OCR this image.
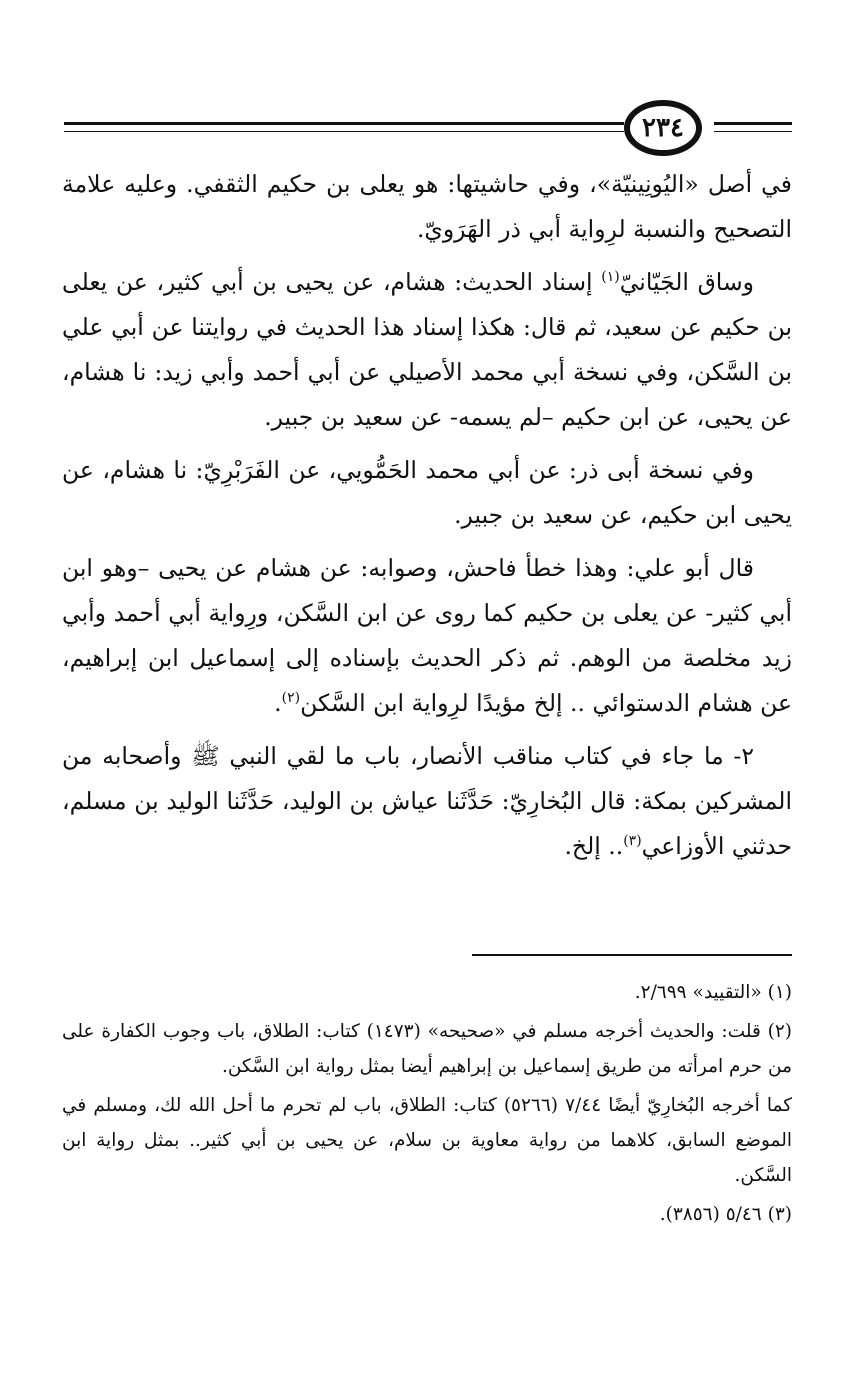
٢٣٤

في أصل «اليُونِينيّة»، وفي حاشيتها: هو يعلى بن حكيم الثقفي. وعليه علامة التصحيح والنسبة لرِواية أبي ذر الهَرَويّ.

وساق الجَيّانيّ$^{(١)}$ إسناد الحديث: هشام، عن يحيى بن أبي كثير، عن يعلى بن حكيم عن سعيد، ثم قال: هكذا إسناد هذا الحديث في روايتنا عن أبي علي بن السَّكن، وفي نسخة أبي محمد الأصيلي عن أبي أحمد وأبي زيد: نا هشام، عن يحيى، عن ابن حكيم –لم يسمه- عن سعيد بن جبير.

وفي نسخة أبى ذر: عن أبي محمد الحَمُّويي، عن الفَرَبْرِيّ: نا هشام، عن يحيى ابن حكيم، عن سعيد بن جبير.

قال أبو علي: وهذا خطأ فاحش، وصوابه: عن هشام عن يحيى –وهو ابن أبي كثير- عن يعلى بن حكيم كما روى عن ابن السَّكن، ورِواية أبي أحمد وأبي زيد مخلصة من الوهم. ثم ذكر الحديث بإسناده إلى إسماعيل ابن إبراهيم، عن هشام الدستوائي .. إلخ مؤيدًا لرِواية ابن السَّكن$^{(٢)}$.

٢- ما جاء في كتاب مناقب الأنصار، باب ما لقي النبي ﷺ وأصحابه من المشركين بمكة: قال البُخارِيّ: حَدَّثَنا عياش بن الوليد، حَدَّثَنا الوليد بن مسلم، حدثني الأوزاعي$^{(٣)}$.. إلخ.

(١) «التقييد» ٢/٦٩٩.

(٢) قلت: والحديث أخرجه مسلم في «صحيحه» (١٤٧٣) كتاب: الطلاق، باب وجوب الكفارة على من حرم امرأته من طريق إسماعيل بن إبراهيم أيضا بمثل رواية ابن السَّكن.

كما أخرجه البُخارِيّ أيضًا ٧/٤٤ (٥٢٦٦) كتاب: الطلاق، باب لم تحرم ما أحل الله لك، ومسلم في الموضع السابق، كلاهما من رواية معاوية بن سلام، عن يحيى بن أبي كثير.. بمثل رواية ابن السَّكن.

(٣) ٥/٤٦ (٣٨٥٦).
